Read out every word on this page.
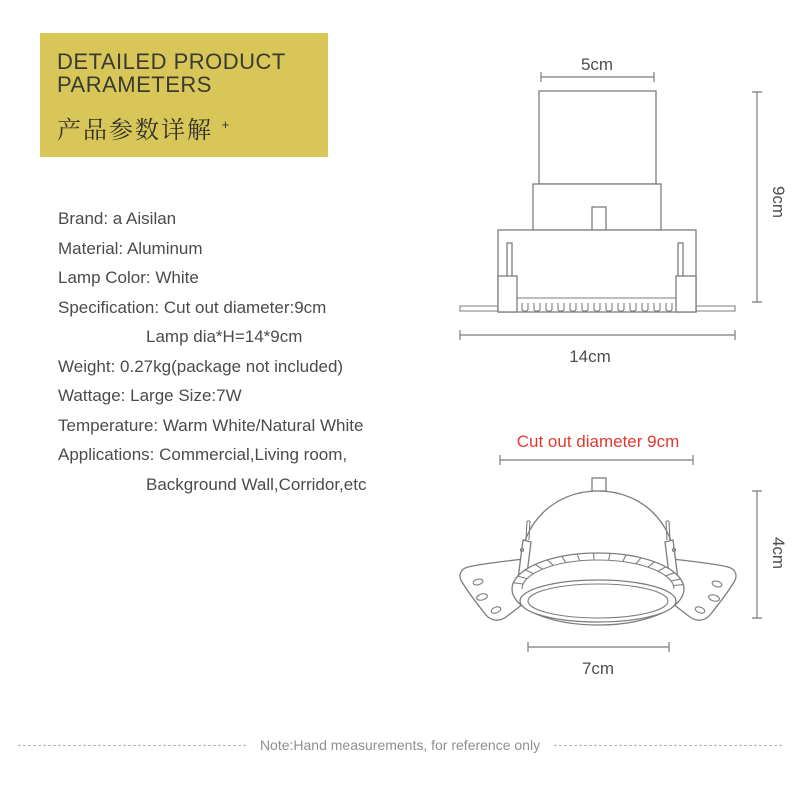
DETAILED PRODUCT
PARAMETERS
产品参数详解 +
Brand: a Aisilan
Material: Aluminum
Lamp Color: White
Specification: Cut out diameter:9cm
Lamp dia*H=14*9cm
Weight: 0.27kg(package not included)
Wattage: Large Size:7W
Temperature: Warm White/Natural White
Applications: Commercial,Living room,
Background Wall,Corridor,etc
5cm
14cm
9cm
Cut out diameter 9cm
4cm
7cm
Note:Hand measurements, for reference only
